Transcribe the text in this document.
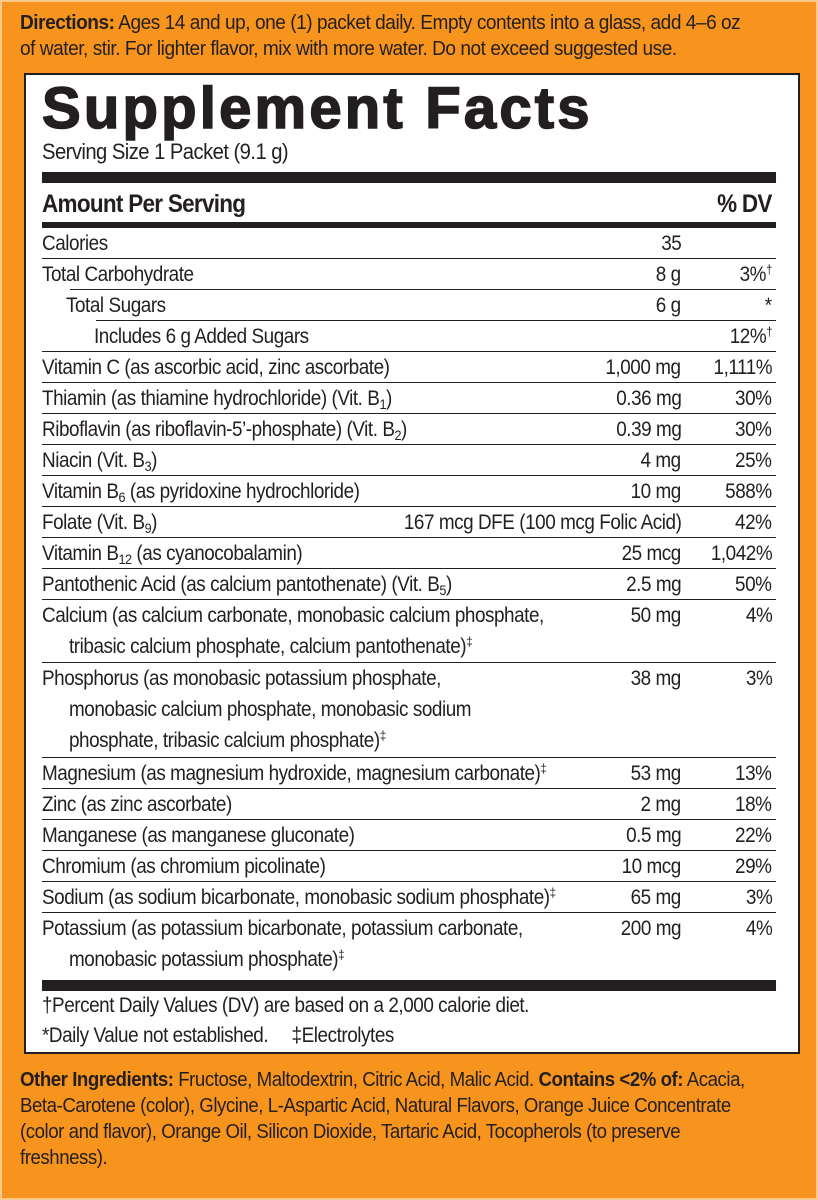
Directions: Ages 14 and up, one (1) packet daily. Empty contents into a glass, add 4–6 oz
of water, stir. For lighter flavor, mix with more water. Do not exceed suggested use.
Supplement Facts
Serving Size 1 Packet (9.1 g)
Amount Per Serving	% DV
Calories	35
Total Carbohydrate	8 g	3%†
Total Sugars	6 g	*
Includes 6 g Added Sugars	12%†
Vitamin C (as ascorbic acid, zinc ascorbate)	1,000 mg 1,111%
Thiamin (as thiamine hydrochloride) (Vit. $B_1$)	0.36 mg	30%
Riboflavin (as riboflavin-5’-phosphate) (Vit. $B_2$)	0.39 mg	30%
Niacin (Vit. $B_3$)	4 mg	25%
Vitamin $B_6$ (as pyridoxine hydrochloride)	10 mg 588%
Folate (Vit. $B_9$)	167 mcg DFE (100 mcg Folic Acid)	42%
Vitamin $B_{12}$ (as cyanocobalamin)	25 mcg 1,042%
Pantothenic Acid (as calcium pantothenate) (Vit. $B_5$)	2.5 mg	50%
Calcium (as calcium carbonate, monobasic calcium phosphate,
tribasic calcium phosphate, calcium pantothenate)‡
50 mg	4%
Phosphorus (as monobasic potassium phosphate,
monobasic calcium phosphate, monobasic sodium
phosphate, tribasic calcium phosphate)‡
38 mg	3%
Magnesium (as magnesium hydroxide, magnesium carbonate)‡	53 mg	13%
Zinc (as zinc ascorbate)	2 mg	18%
Manganese (as manganese gluconate)	0.5 mg	22%
Chromium (as chromium picolinate)	10 mcg	29%
Sodium (as sodium bicarbonate, monobasic sodium phosphate)‡	65 mg	3%
Potassium (as potassium bicarbonate, potassium carbonate,
monobasic potassium phosphate)‡
200 mg	4%
†Percent Daily Values (DV) are based on a 2,000 calorie diet.
*Daily Value not established. ‡Electrolytes
Other Ingredients: Fructose, Maltodextrin, Citric Acid, Malic Acid. Contains <2% of: Acacia,
Beta-Carotene (color), Glycine, L-Aspartic Acid, Natural Flavors, Orange Juice Concentrate
(color and flavor), Orange Oil, Silicon Dioxide, Tartaric Acid, Tocopherols (to preserve
freshness).
